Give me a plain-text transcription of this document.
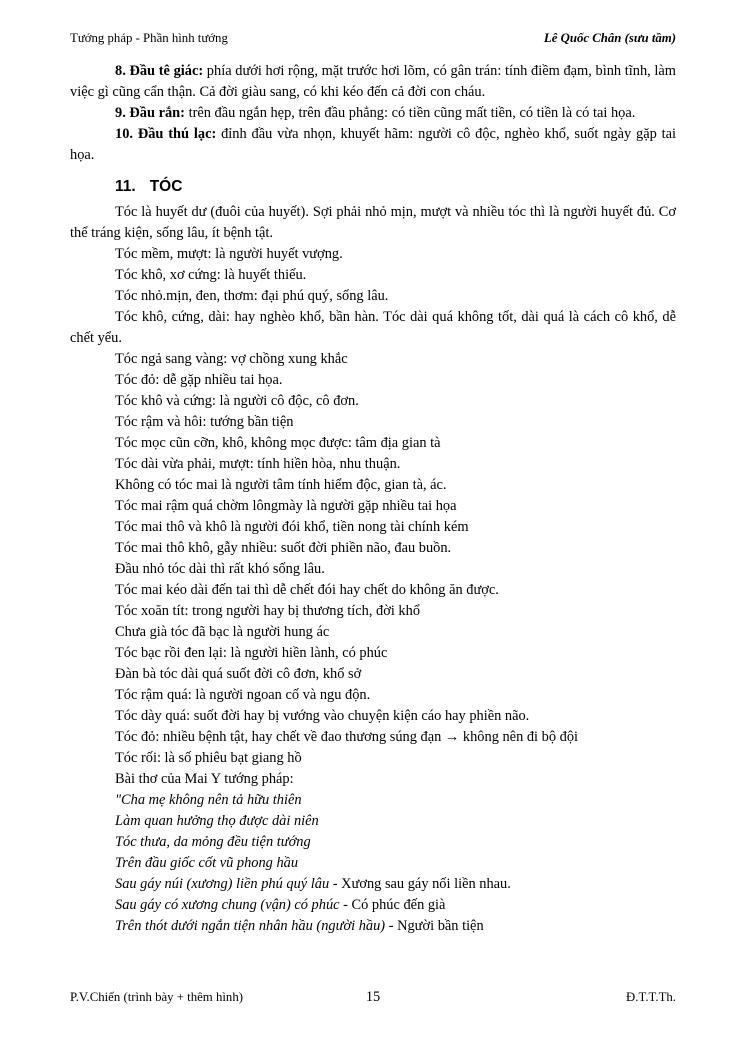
Tướng pháp - Phần hình tướng	Lê Quốc Chân (sưu tầm)

8. Đầu tê giác: phía dưới hơi rộng, mặt trước hơi lõm, có gân trán: tính điềm đạm, bình tĩnh, làm việc gì cũng cẩn thận. Cả đời giàu sang, có khi kéo đến cả đời con cháu.

9. Đầu rắn: trên đầu ngắn hẹp, trên đầu phẳng: có tiền cũng mất tiền, có tiền là có tai họa.

10. Đầu thú lạc: đỉnh đầu vừa nhọn, khuyết hãm: người cô độc, nghèo khổ, suốt ngày gặp tai họa.

11. TÓC

Tóc là huyết dư (đuôi của huyết). Sợi phải nhỏ mịn, mượt và nhiều tóc thì là người huyết đủ. Cơ thể tráng kiện, sống lâu, ít bệnh tật.

Tóc mềm, mượt: là người huyết vượng.

Tóc khô, xơ cứng: là huyết thiếu.

Tóc nhỏ.mịn, đen, thơm: đại phú quý, sống lâu.

Tóc khô, cứng, dài: hay nghèo khổ, bần hàn. Tóc dài quá không tốt, dài quá là cách cô khổ, dễ chết yểu.

Tóc ngả sang vàng: vợ chồng xung khắc

Tóc đỏ: dễ gặp nhiều tai họa.

Tóc khô và cứng: là người cô độc, cô đơn.

Tóc rậm và hôi: tướng bần tiện

Tóc mọc cũn cỡn, khô, không mọc được: tâm địa gian tà

Tóc dài vừa phải, mượt: tính hiền hòa, nhu thuận.

Không có tóc mai là người tâm tính hiểm độc, gian tà, ác.

Tóc mai rậm quá chờm lôngmày là người gặp nhiều tai họa

Tóc mai thô và khô là người đói khổ, tiền nong tài chính kém

Tóc mai thô khô, gẫy nhiều: suốt đời phiền não, đau buồn.

Đầu nhỏ tóc dài thì rất khó sống lâu.

Tóc mai kéo dài đến tai thì dễ chết đói hay chết do không ăn được.

Tóc xoăn tít: trong người hay bị thương tích, đời khổ

Chưa già tóc đã bạc là người hung ác

Tóc bạc rồi đen lại: là người hiền lành, có phúc

Đàn bà tóc dài quá suốt đời cô đơn, khổ sở

Tóc rậm quá: là người ngoan cố và ngu độn.

Tóc dày quá: suốt đời hay bị vướng vào chuyện kiện cáo hay phiền não.

Tóc đỏ: nhiều bệnh tật, hay chết về đao thương súng đạn → không nên đi bộ đội

Tóc rối: là số phiêu bạt giang hồ

Bài thơ của Mai Y tướng pháp:

"Cha mẹ không nên tả hữu thiên

Làm quan hưởng thọ được dài niên

Tóc thưa, da mỏng đều tiện tướng

Trên đầu giốc cốt vũ phong hầu

Sau gáy núi (xương) liền phú quý lâu - Xương sau gáy nối liền nhau.

Sau gáy có xương chung (vận) có phúc - Có phúc đến già

Trên thót dưới ngắn tiện nhân hầu (người hầu) - Người bần tiện

P.V.Chiến (trình bày + thêm hình)	15	Đ.T.T.Th.
